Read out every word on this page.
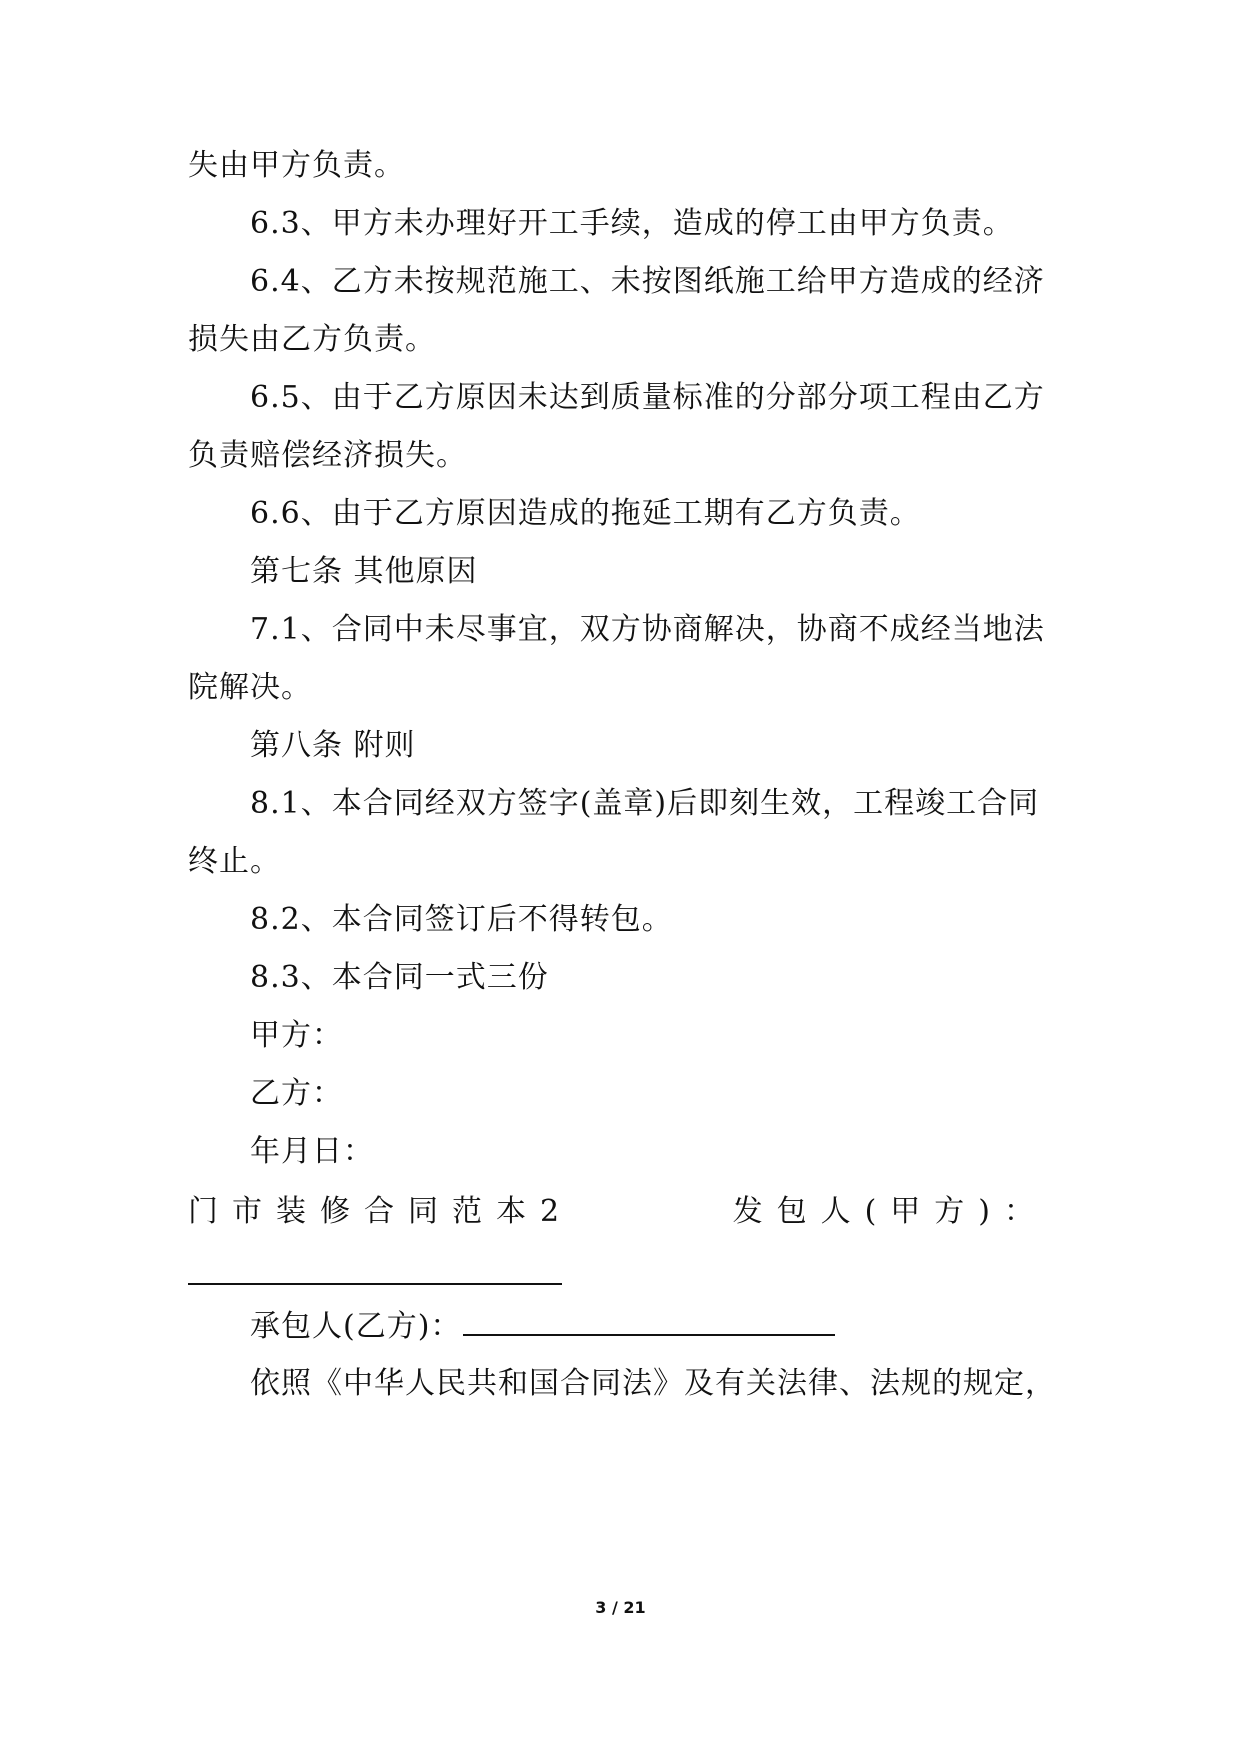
失由甲方负责。
6.3、甲方未办理好开工手续，造成的停工由甲方负责。
6.4、乙方未按规范施工、未按图纸施工给甲方造成的经济
损失由乙方负责。
6.5、由于乙方原因未达到质量标准的分部分项工程由乙方
负责赔偿经济损失。
6.6、由于乙方原因造成的拖延工期有乙方负责。
第七条 其他原因
7.1、合同中未尽事宜，双方协商解决，协商不成经当地法
院解决。
第八条 附则
8.1、本合同经双方签字(盖章)后即刻生效，工程竣工合同
终止。
8.2、本合同签订后不得转包。
8.3、本合同一式三份
甲方：
乙方：
年月日：
门市装修合同范本2	发包人(甲方)：
承包人(乙方)：
依照《中华人民共和国合同法》及有关法律、法规的规定，
3 / 21
